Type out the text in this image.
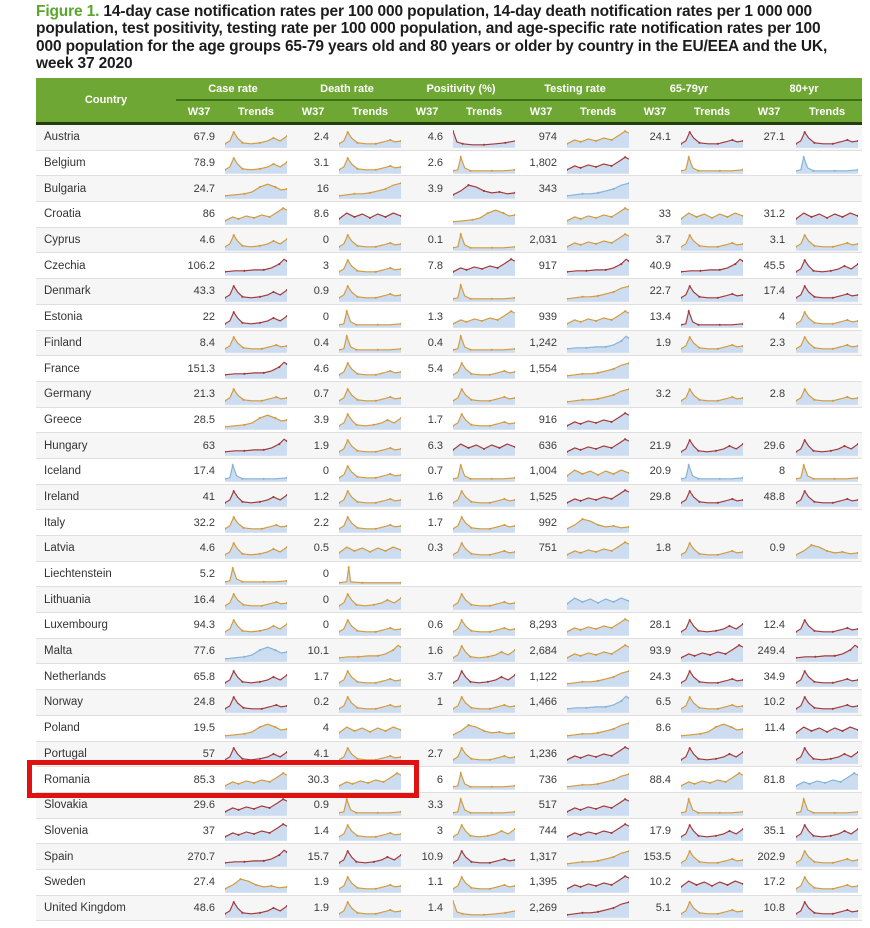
Figure 1. 14-day case notification rates per 100 000 population, 14-day death notification rates per 1 000 000 population, test positivity, testing rate per 100 000 population, and age-specific rate notification rates per 100 000 population for the age groups 65-79 years old and 80 years or older by country in the EU/EEA and the UK, week 37 2020
Country	Case rate		Death rate		Positivity (%)		Testing rate		65-79yr		80+yr	
	W37	Trends	W37	Trends	W37	Trends	W37	Trends	W37	Trends	W37	Trends
Austria	67.9		2.4		4.6		974		24.1		27.1	

Belgium	78.9		3.1		2.6		1,802	

Bulgaria	24.7		16		3.9		343	

Croatia	86		8.6						33		31.2	

Cyprus	4.6		0		0.1		2,031		3.7		3.1	

Czechia	106.2		3		7.8		917		40.9		45.5	

Denmark	43.3		0.9						22.7		17.4	

Estonia	22		0		1.3		939		13.4		4	

Finland	8.4		0.4		0.4		1,242		1.9		2.3	

France	151.3		4.6		5.4		1,554	

Germany	21.3		0.7						3.2		2.8	

Greece	28.5		3.9		1.7		916	

Hungary	63		1.9		6.3		636		21.9		29.6	

Iceland	17.4		0		0.7		1,004		20.9		8	

Ireland	41		1.2		1.6		1,525		29.8		48.8	

Italy	32.2		2.2		1.7		992	

Latvia	4.6		0.5		0.3		751		1.8		0.9	

Liechtenstein	5.2		0	

Lithuania	16.4		0	

Luxembourg	94.3		0		0.6		8,293		28.1		12.4	

Malta	77.6		10.1		1.6		2,684		93.9		249.4	

Netherlands	65.8		1.7		3.7		1,122		24.3		34.9	

Norway	24.8		0.2		1		1,466		6.5		10.2	

Poland	19.5		4						8.6		11.4	

Portugal	57		4.1		2.7		1,236	

Romania	85.3		30.3		6		736		88.4		81.8	

Slovakia	29.6		0.9		3.3		517	

Slovenia	37		1.4		3		744		17.9		35.1	

Spain	270.7		15.7		10.9		1,317		153.5		202.9	

Sweden	27.4		1.9		1.1		1,395		10.2		17.2	

United Kingdom	48.6		1.9		1.4		2,269		5.1		10.8	
